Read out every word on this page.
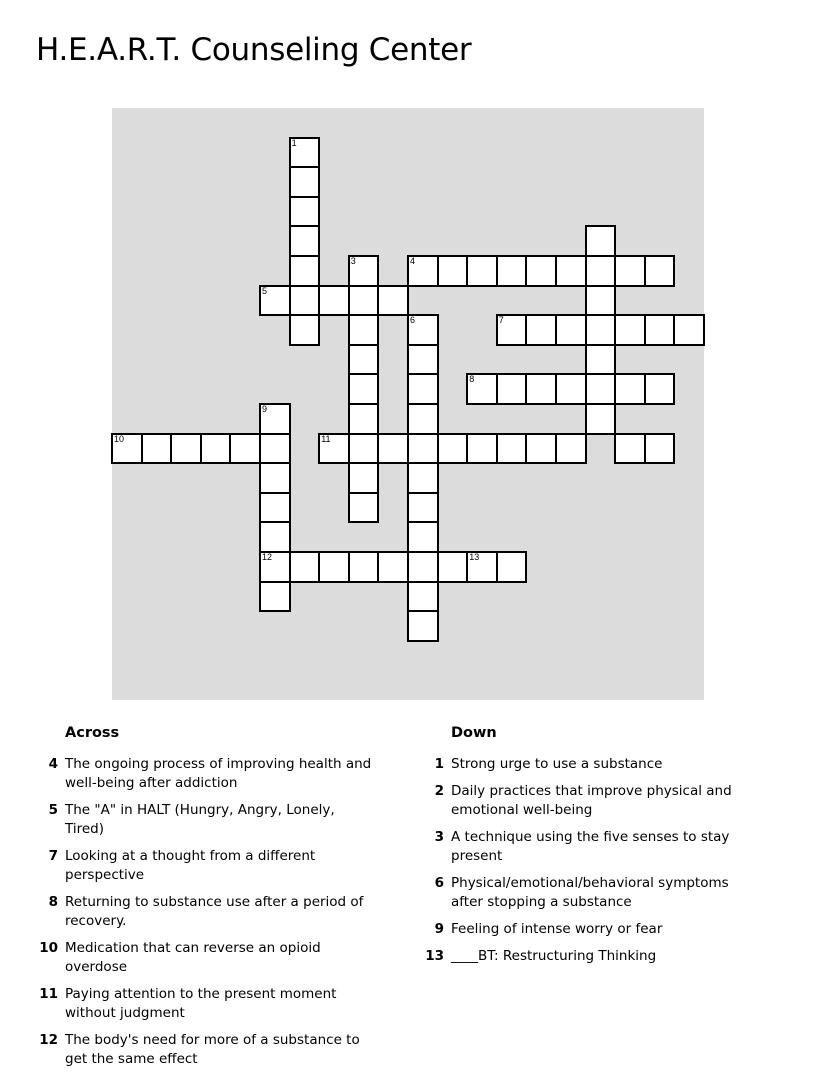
H.E.A.R.T. Counseling Center
1
3	4
5
6	7
8
9
12
10	11
13
Across
4 The ongoing process of improving health and well-being after addiction
5 The "A" in HALT (Hungry, Angry, Lonely, Tired)
7 Looking at a thought from a different perspective
8 Returning to substance use after a period of recovery.
10 Medication that can reverse an opioid overdose
11 Paying attention to the present moment without judgment
12 The body's need for more of a substance to get the same effect
Down
1 Strong urge to use a substance
2 Daily practices that improve physical and emotional well-being
3 A technique using the five senses to stay present
6 Physical/emotional/behavioral symptoms after stopping a substance
9 Feeling of intense worry or fear
13 ____BT: Restructuring Thinking
